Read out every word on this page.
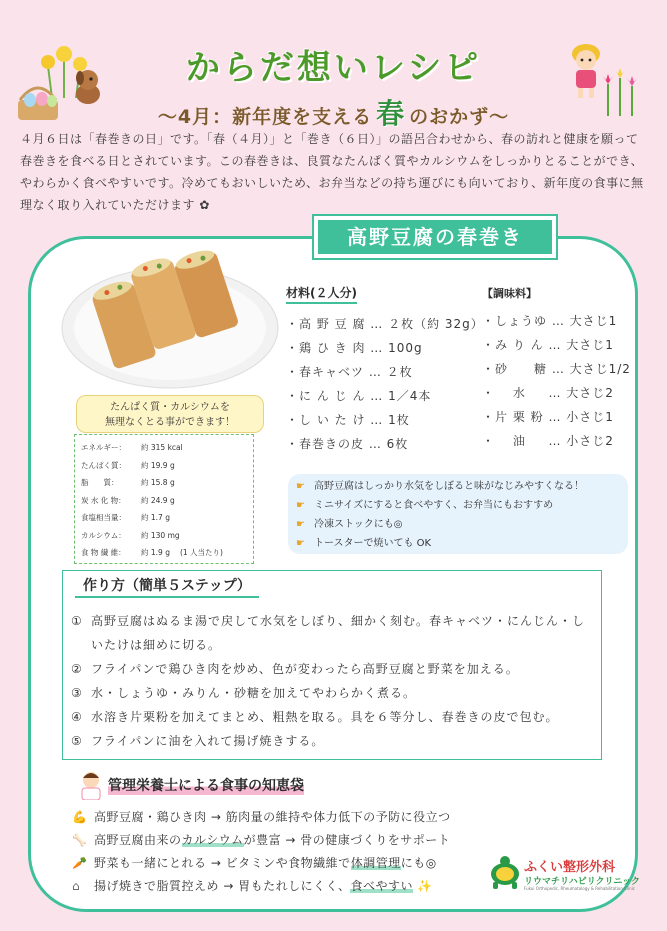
からだ想いレシピ
～4月：新年度を支える 春 のおかず～

４月６日は「春巻きの日」です。「春（４月）」と「巻き（６日）」の語呂合わせから、春の訪れと健康を願って春巻きを食べる日とされています。この春巻きは、良質なたんぱく質やカルシウムをしっかりとることができ、やわらかく食べやすいです。冷めてもおいしいため、お弁当などの持ち運びにも向いており、新年度の食事に無理なく取り入れていただけます ✿

高野豆腐の春巻き
材料(２人分)
・高 野 豆 腐 … ２枚（約 32g）
・鶏 ひ き 肉 … 100g
・春キャベツ … ２枚
・に ん じ ん … 1／4本
・し い た け … 1枚
・春巻きの皮 … 6枚
【調味料】
・しょうゆ … 大さじ1
・み り ん … 大さじ1
・砂　　糖 … 大さじ1/2
・　 水 　 … 大さじ2
・片 栗 粉 … 小さじ1
・　 油 　 … 小さじ2
たんぱく質・カルシウムを
無理なくとる事ができます！
エネルギー： 約 315 kcal
たんぱく質： 約 19.9 g
脂　　質：	約 15.8 g
炭 水 化 物： 約 24.9 g
食塩相当量： 約 1.7 g
カルシウム： 約 130 mg
食 物 繊 維： 約 1.9 g (1 人当たり)
☛ 高野豆腐はしっかり水気をしぼると味がなじみやすくなる！
☛ ミニサイズにすると食べやすく、お弁当にもおすすめ
☛ 冷凍ストックにも◎
☛ トースターで焼いても OK
作り方（簡単５ステップ）
① 高野豆腐はぬるま湯で戻して水気をしぼり、細かく刻む。春キャベツ・にんじん・しいたけは細めに切る。
② フライパンで鶏ひき肉を炒め、色が変わったら高野豆腐と野菜を加える。
③ 水・しょうゆ・みりん・砂糖を加えてやわらかく煮る。
④ 水溶き片栗粉を加えてまとめ、粗熱を取る。具を６等分し、春巻きの皮で包む。
⑤ フライパンに油を入れて揚げ焼きする。
管理栄養士による食事の知恵袋
💪 高野豆腐・鶏ひき肉 → 筋肉量の維持や体力低下の予防に役立つ
🦴 高野豆腐由来のカルシウムが豊富 → 骨の健康づくりをサポート
🥕 野菜も一緒にとれる → ビタミンや食物繊維で体調管理にも◎
⌂ 揚げ焼きで脂質控えめ → 胃もたれしにくく、食べやすい ✨
ふくい整形外科
リウマチリハビリクリニック
Fukui Orthopedic, Rheumatology & Rehabilitation Clinic
